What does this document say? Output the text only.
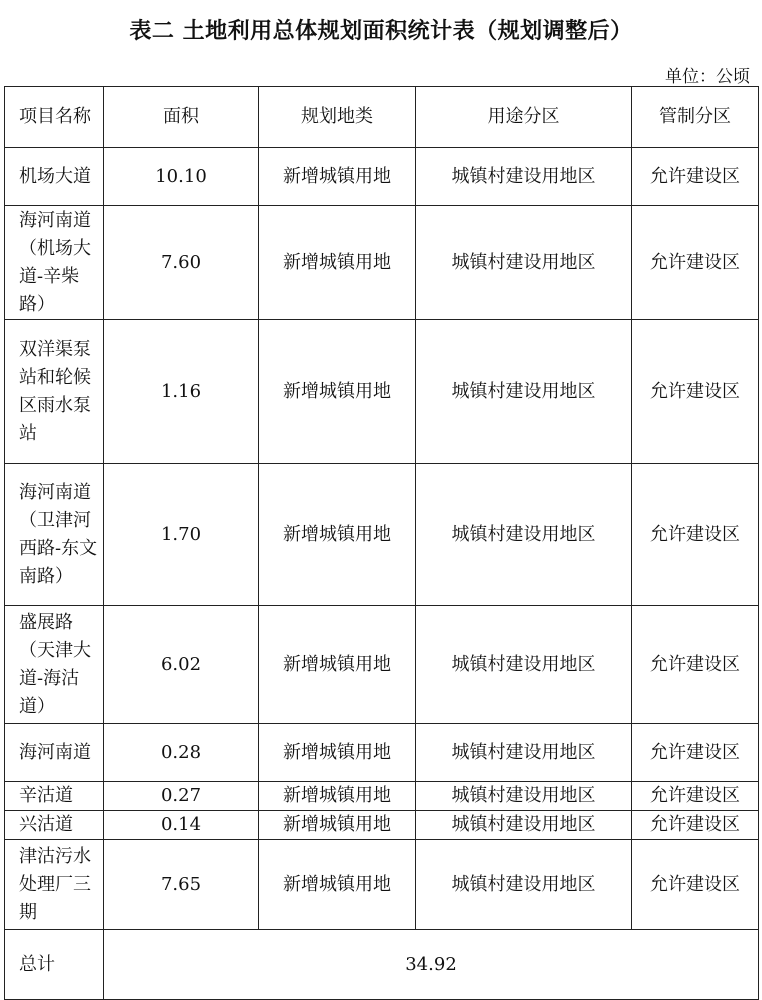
表二 土地利用总体规划面积统计表（规划调整后）
单位：公顷
项目名称	面积	规划地类	用途分区	管制分区

机场大道	10.10	新增城镇用地	城镇村建设用地区	允许建设区

海河南道（机场大道-辛柴路）	7.60	新增城镇用地	城镇村建设用地区	允许建设区

双洋渠泵站和轮候区雨水泵站	1.16	新增城镇用地	城镇村建设用地区	允许建设区

海河南道（卫津河西路-东文南路）	1.70	新增城镇用地	城镇村建设用地区	允许建设区

盛展路（天津大道-海沽道）	6.02	新增城镇用地	城镇村建设用地区	允许建设区

海河南道	0.28	新增城镇用地	城镇村建设用地区	允许建设区

辛沽道	0.27	新增城镇用地	城镇村建设用地区	允许建设区

兴沽道	0.14	新增城镇用地	城镇村建设用地区	允许建设区

津沽污水处理厂三期	7.65	新增城镇用地	城镇村建设用地区	允许建设区

总计	34.92			
